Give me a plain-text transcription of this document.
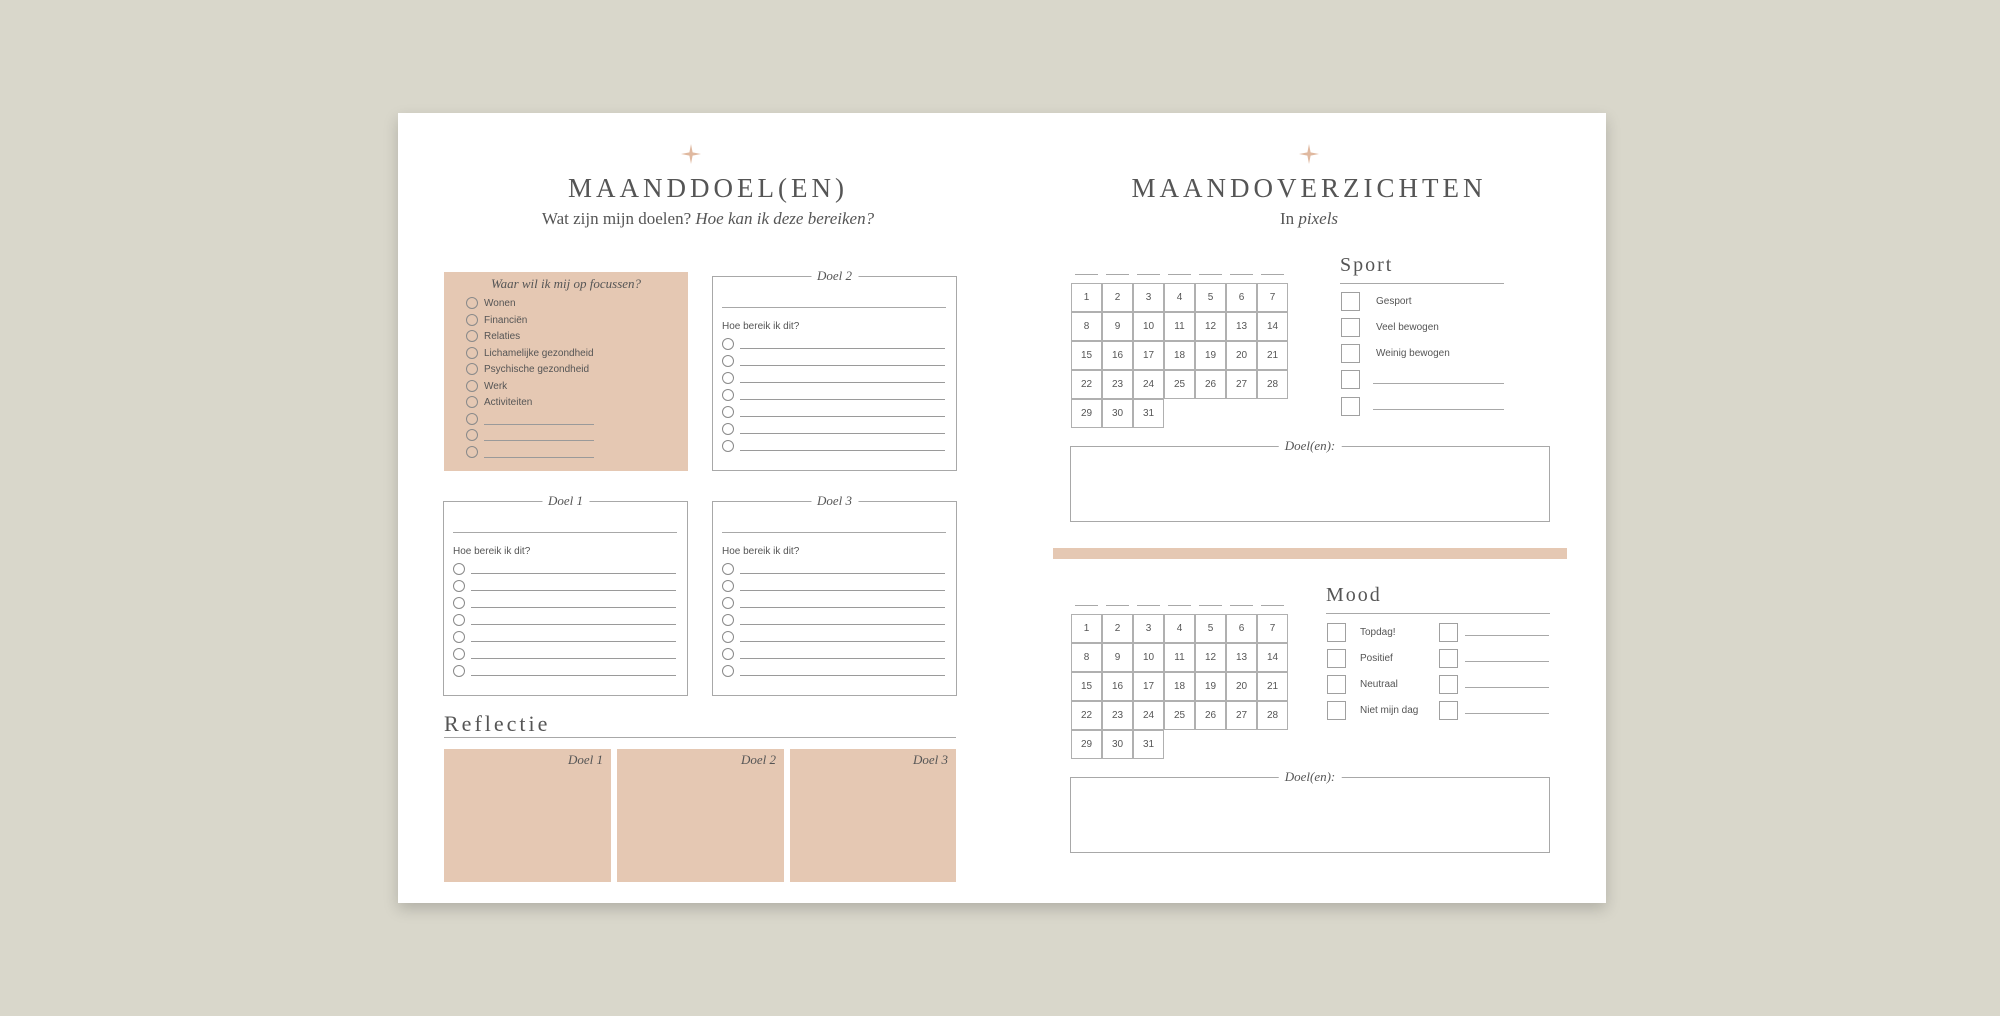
MAANDDOEL(EN)
Wat zijn mijn doelen? Hoe kan ik deze bereiken?
Waar wil ik mij op focussen?
Wonen
Financiën
Relaties
Lichamelijke gezondheid
Psychische gezondheid
Werk
Activiteiten
Doel 2
Hoe bereik ik dit?
Doel 1
Hoe bereik ik dit?
Doel 3
Hoe bereik ik dit?
Reflectie
Doel 1	Doel 2	Doel 3
MAANDOVERZICHTEN
In pixels
1	2	3	4	5	6	7
8	9	10	11	12	13	14
15	16	17	18	19	20	21
22	23	24	25	26	27	28
29	30	31
Sport
Gesport
Veel bewogen
Weinig bewogen
Doel(en):
1	2	3	4	5	6	7
8	9	10	11	12	13	14
15	16	17	18	19	20	21
22	23	24	25	26	27	28
29	30	31
Mood
Topdag!
Positief
Neutraal
Niet mijn dag
Doel(en):
